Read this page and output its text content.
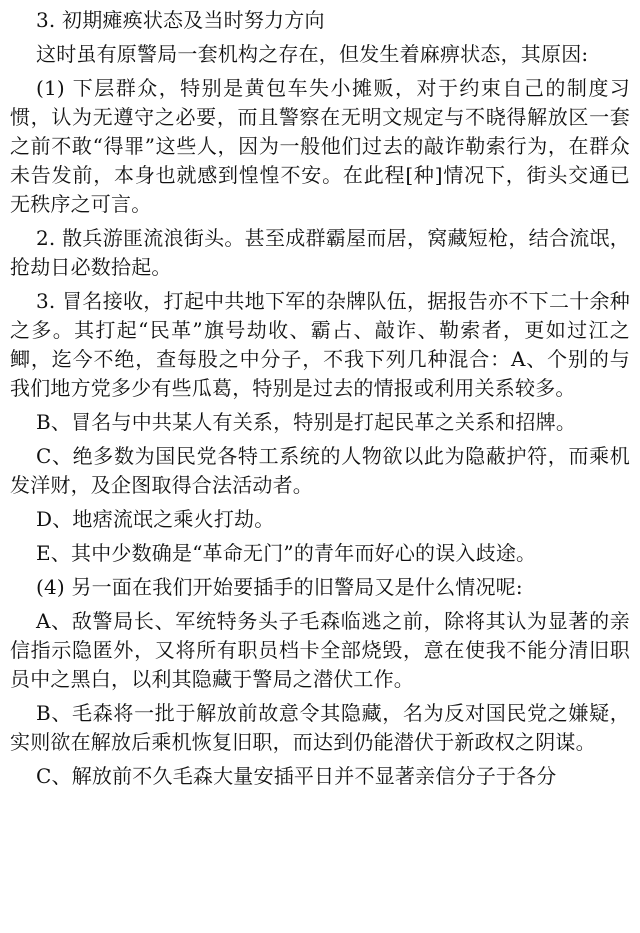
3. 初期瘫痪状态及当时努力方向

这时虽有原警局一套机构之存在，但发生着麻痹状态，其原因:

(1) 下层群众，特别是黄包车失小摊贩，对于约束自己的制度习惯，认为无遵守之必要，而且警察在无明文规定与不晓得解放区一套之前不敢“得罪”这些人，因为一般他们过去的敲诈勒索行为，在群众未告发前，本身也就感到惶惶不安。在此程[种]情况下，街头交通已无秩序之可言。

2. 散兵游匪流浪街头。甚至成群霸屋而居，窝藏短枪，结合流氓，抢劫日必数拾起。

3. 冒名接收，打起中共地下军的杂牌队伍，据报告亦不下二十余种之多。其打起“民革”旗号劫收、霸占、敲诈、勒索者，更如过江之鲫，迄今不绝，查每股之中分子，不我下列几种混合：A、个别的与我们地方党多少有些瓜葛，特别是过去的情报或利用关系较多。

B、冒名与中共某人有关系，特别是打起民革之关系和招牌。

C、绝多数为国民党各特工系统的人物欲以此为隐蔽护符，而乘机发洋财，及企图取得合法活动者。

D、地痞流氓之乘火打劫。

E、其中少数确是“革命无门”的青年而好心的误入歧途。

(4) 另一面在我们开始要插手的旧警局又是什么情况呢:

A、敌警局长、军统特务头子毛森临逃之前，除将其认为显著的亲信指示隐匿外，又将所有职员档卡全部烧毁，意在使我不能分清旧职员中之黑白，以利其隐藏于警局之潜伏工作。

B、毛森将一批于解放前故意令其隐藏，名为反对国民党之嫌疑，实则欲在解放后乘机恢复旧职，而达到仍能潜伏于新政权之阴谋。

C、解放前不久毛森大量安插平日并不显著亲信分子于各分
